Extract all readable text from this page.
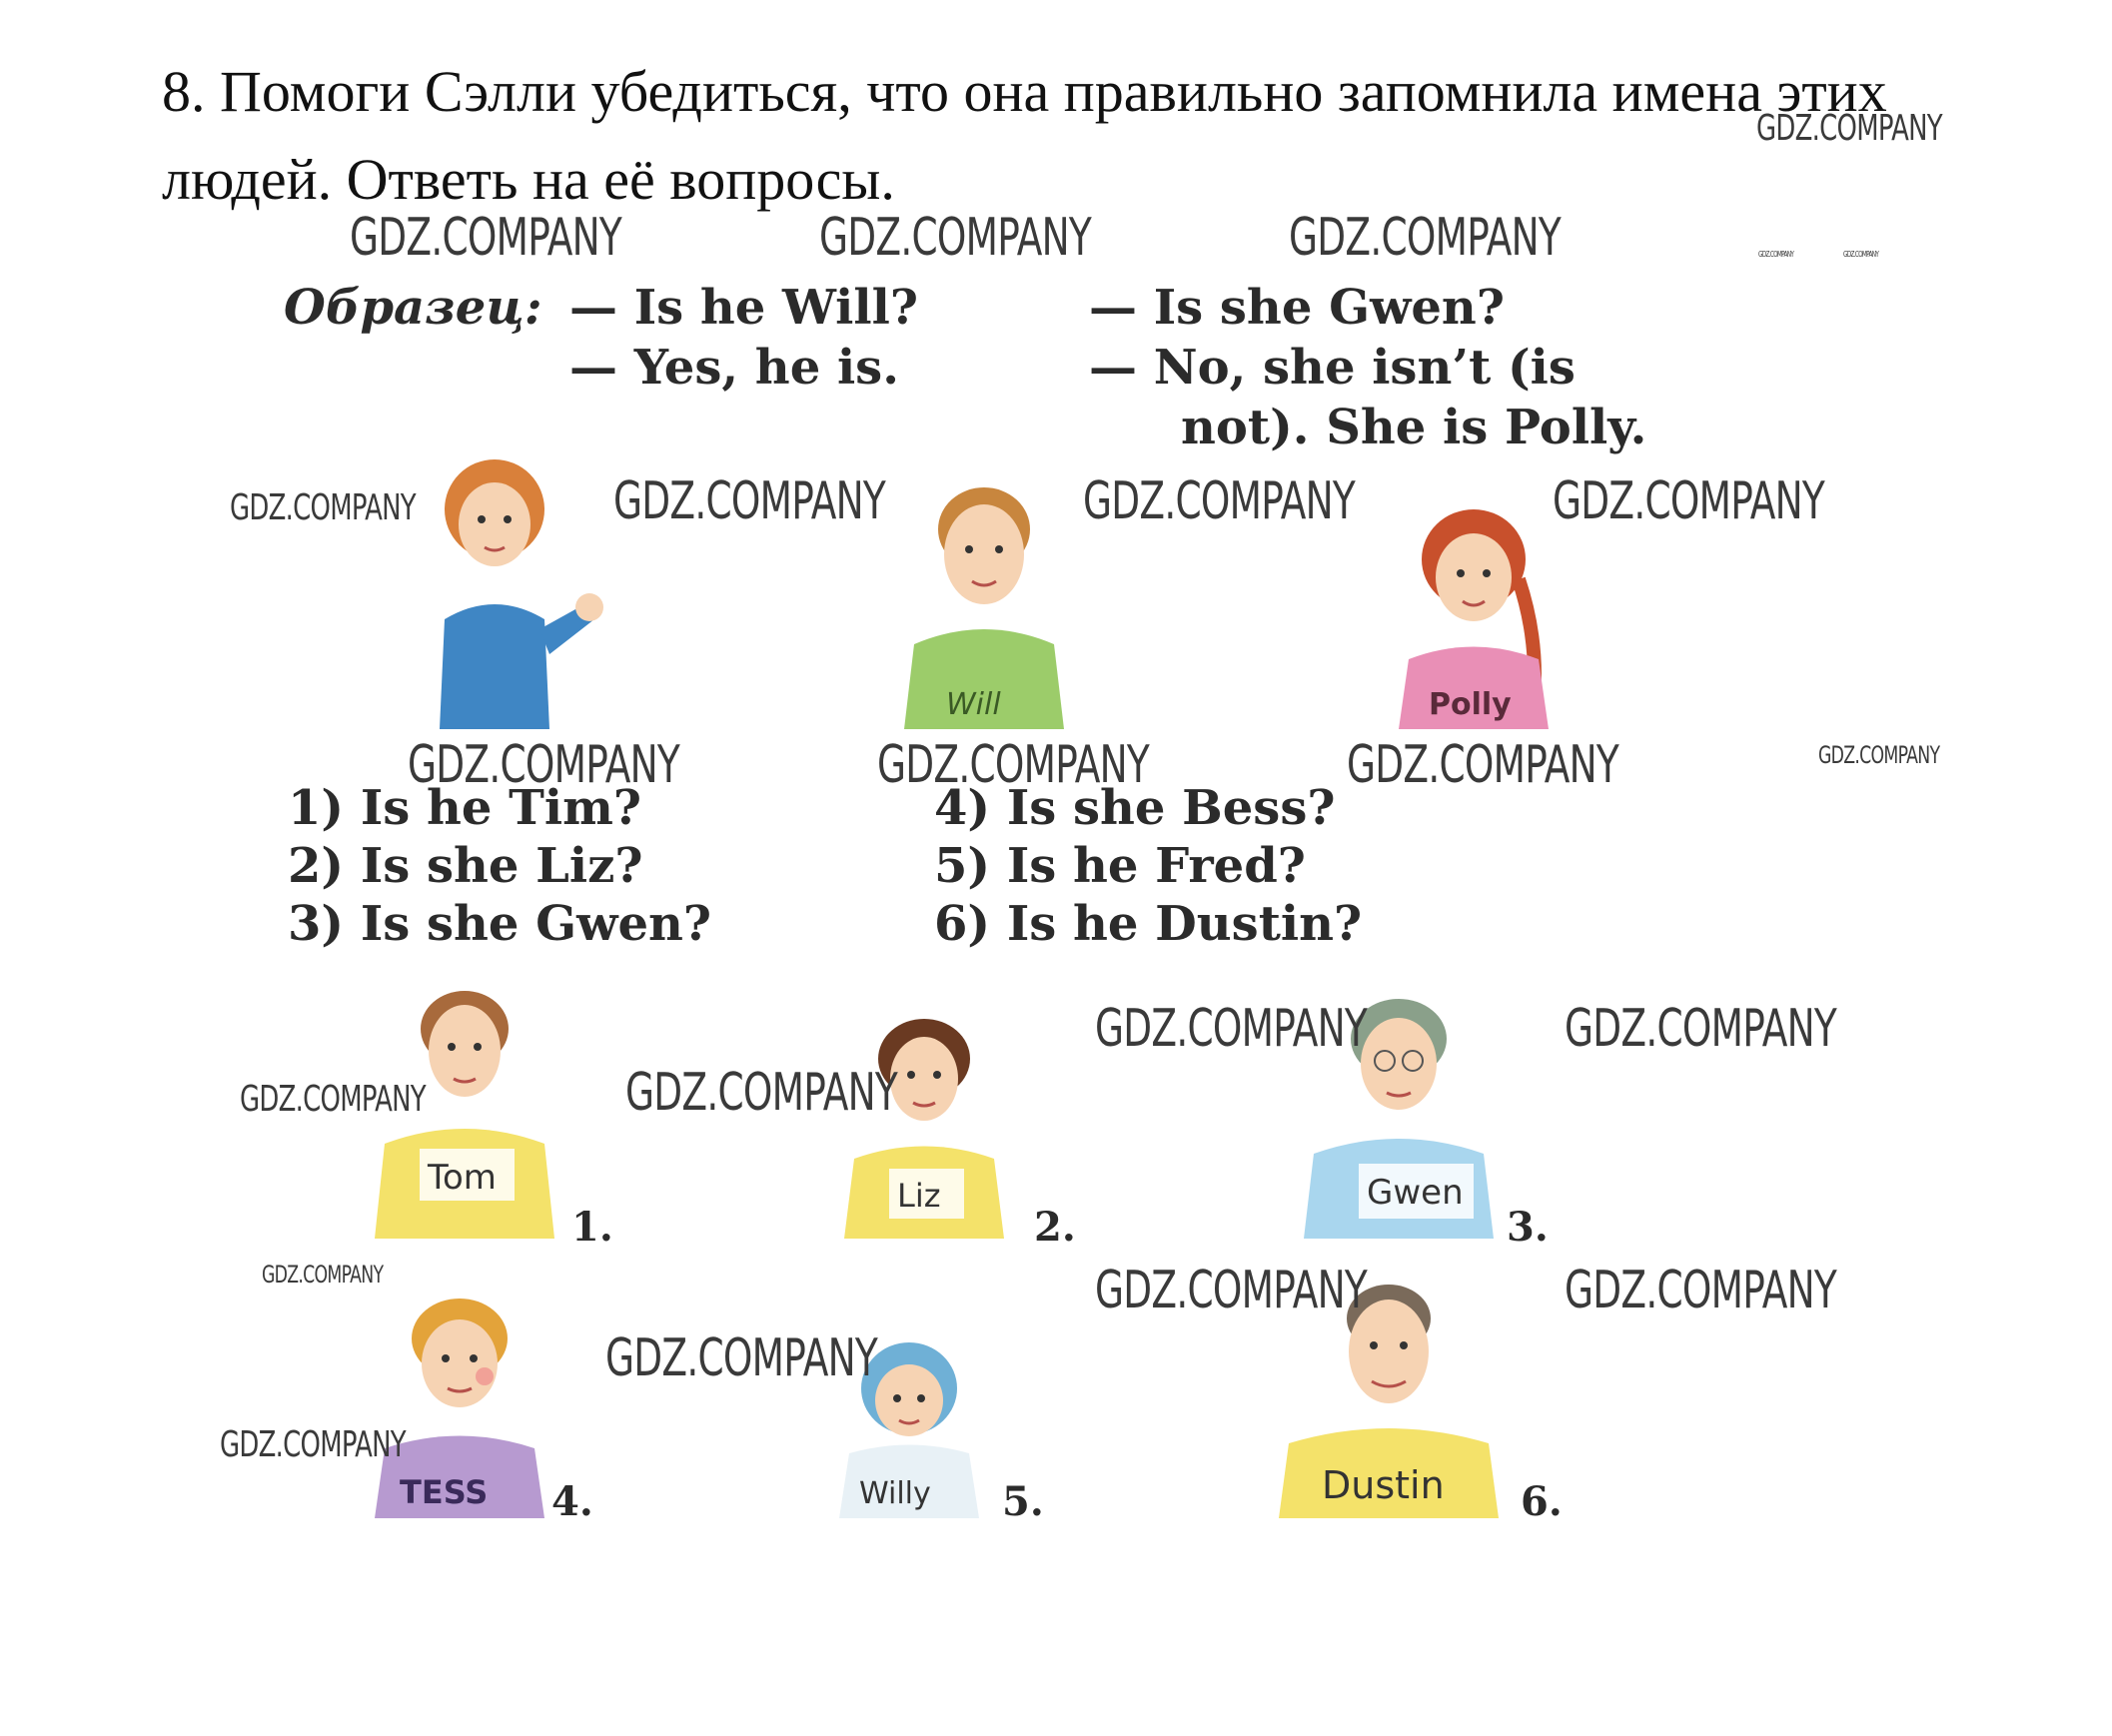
8. Помоги Сэлли убедиться, что она правильно запомнила имена этих людей. Ответь на её вопросы.
Образец: — Is he Will?
— Yes, he is.
— Is she Gwen?
— No, she isn’t (is
not). She is Polly.
Will	Polly
1) Is he Tim?
2) Is she Liz?
3) Is she Gwen?
4) Is she Bess?
5) Is he Fred?
6) Is he Dustin?
Tom
1.
Liz
2.
Gwen
3.
TESS 4.	Willy 5.	Dustin 6.
GDZ.COMPANY
GDZ.COMPANY	GDZ.COMPANY	GDZ.COMPANY	GDZ.COMPANY	GDZ.COMPANY
GDZ.COMPANY	GDZ.COMPANY	GDZ.COMPANY	GDZ.COMPANY
GDZ.COMPANY	GDZ.COMPANY	GDZ.COMPANY	GDZ.COMPANY
GDZ.COMPANY	GDZ.COMPANY
GDZ.COMPANY	GDZ.COMPANY
GDZ.COMPANY	GDZ.COMPANY	GDZ.COMPANY
GDZ.COMPANY
GDZ.COMPANY
